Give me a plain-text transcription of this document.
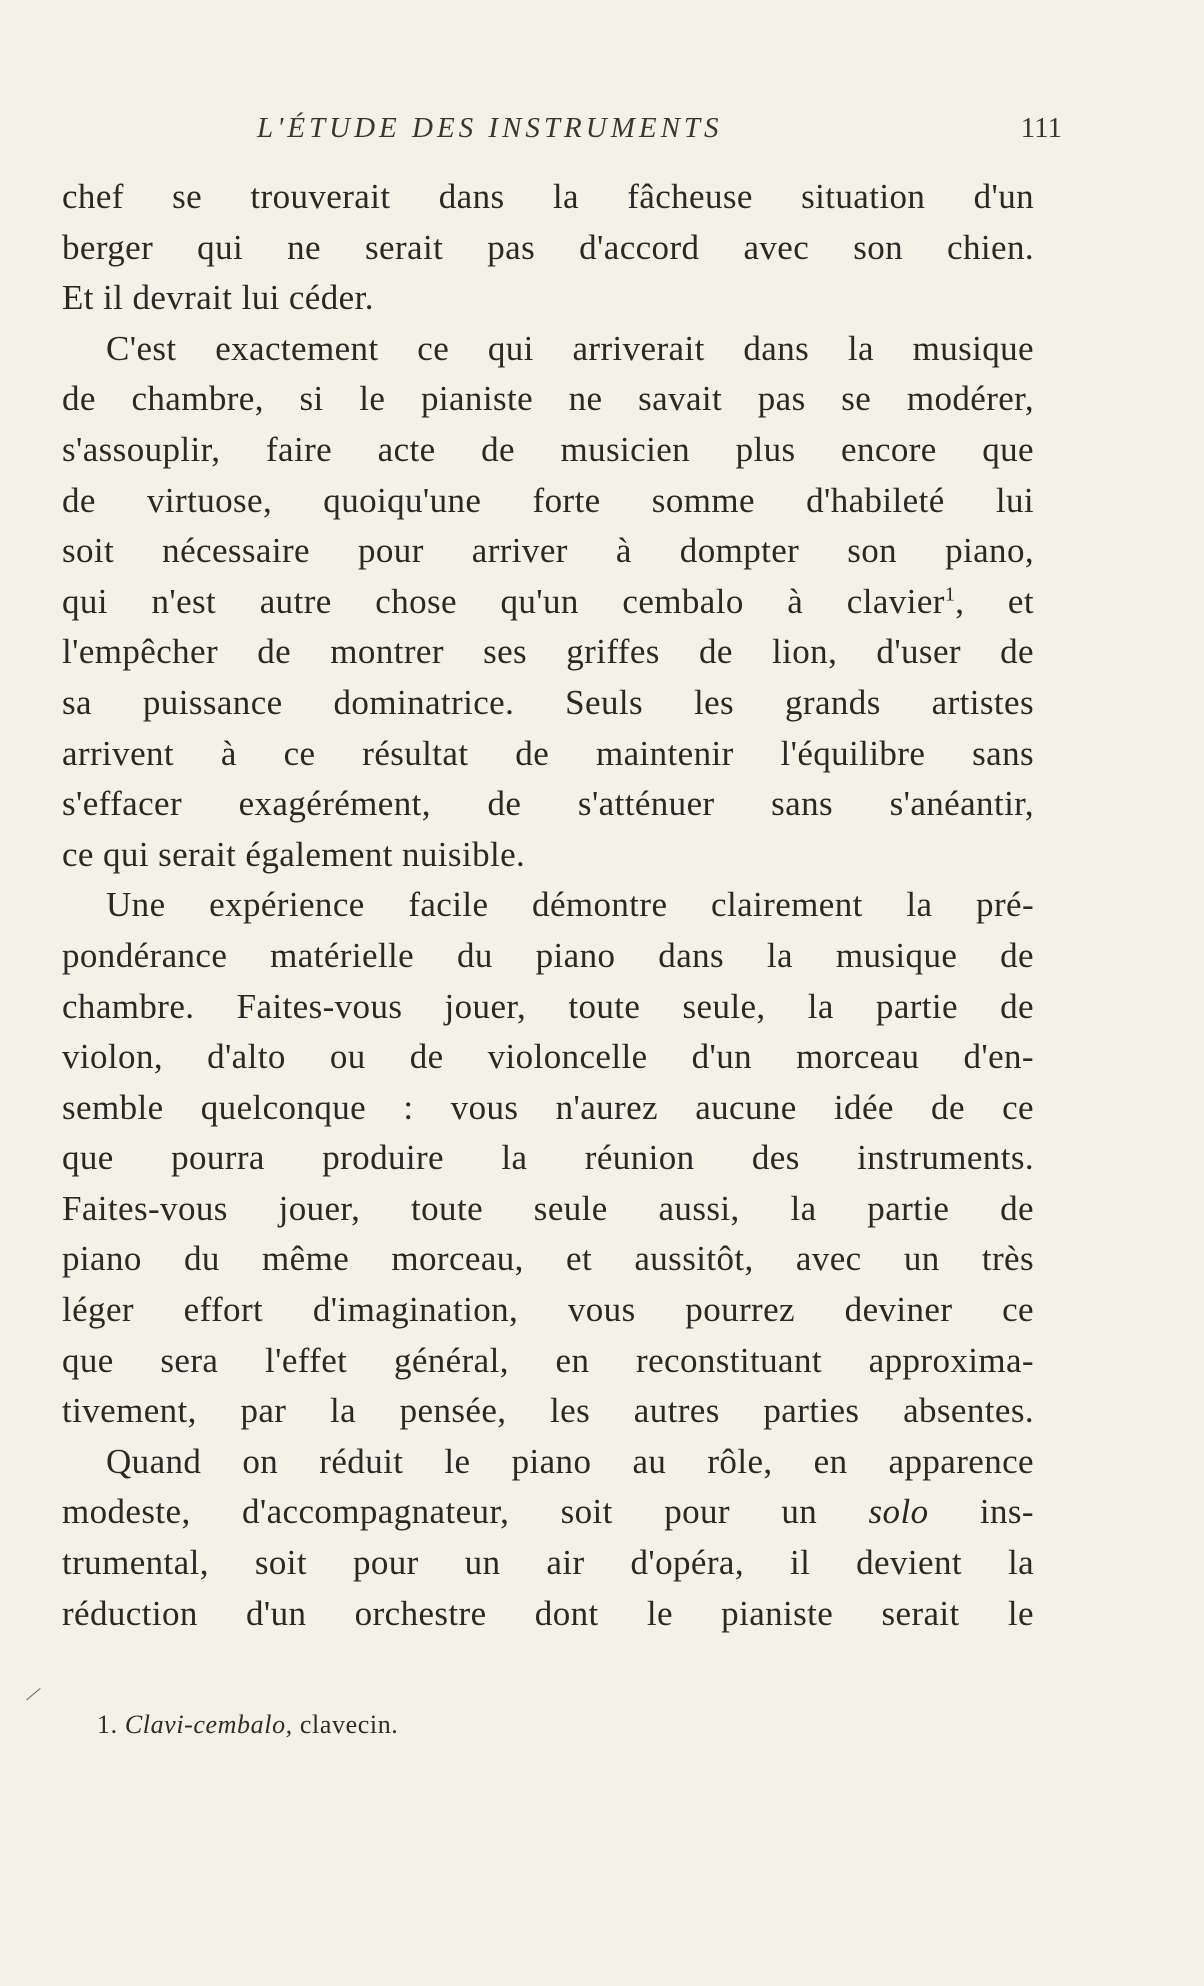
L'ÉTUDE DES INSTRUMENTS	111
chef se trouverait dans la fâcheuse situation d'un
berger qui ne serait pas d'accord avec son chien.
Et il devrait lui céder.
C'est exactement ce qui arriverait dans la musique
de chambre, si le pianiste ne savait pas se modérer,
s'assouplir, faire acte de musicien plus encore que
de virtuose, quoiqu'une forte somme d'habileté lui
soit nécessaire pour arriver à dompter son piano,
qui n'est autre chose qu'un cembalo à clavier$^1$, et
l'empêcher de montrer ses griffes de lion, d'user de
sa puissance dominatrice. Seuls les grands artistes
arrivent à ce résultat de maintenir l'équilibre sans
s'effacer exagérément, de s'atténuer sans s'anéantir,
ce qui serait également nuisible.
Une expérience facile démontre clairement la pré-
pondérance matérielle du piano dans la musique de
chambre. Faites-vous jouer, toute seule, la partie de
violon, d'alto ou de violoncelle d'un morceau d'en-
semble quelconque : vous n'aurez aucune idée de ce
que pourra produire la réunion des instruments.
Faites-vous jouer, toute seule aussi, la partie de
piano du même morceau, et aussitôt, avec un très
léger effort d'imagination, vous pourrez deviner ce
que sera l'effet général, en reconstituant approxima-
tivement, par la pensée, les autres parties absentes.
Quand on réduit le piano au rôle, en apparence
modeste, d'accompagnateur, soit pour un solo ins-
trumental, soit pour un air d'opéra, il devient la
réduction d'un orchestre dont le pianiste serait le
1. Clavi-cembalo, clavecin.
